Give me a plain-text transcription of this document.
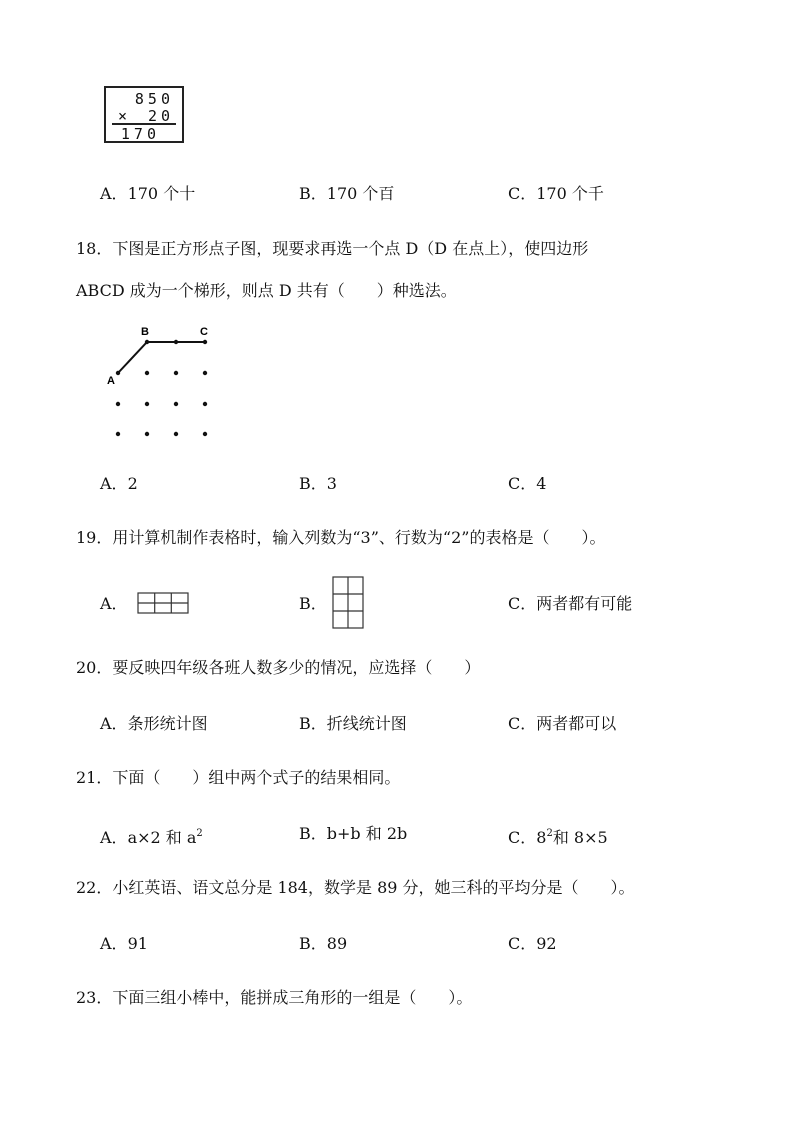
850
× 20
170
A．170 个十	B．170 个百	C．170 个千
18．下图是正方形点子图，现要求再选一个点 D（D 在点上），使四边形
ABCD 成为一个梯形，则点 D 共有（　　）种选法。
A
B	C
A．2	B．3	C．4
19．用计算机制作表格时，输入列数为“3”、行数为“2”的表格是（　　）。
A．	B．	C．两者都有可能
20．要反映四年级各班人数多少的情况，应选择（　　）
A．条形统计图	B．折线统计图	C．两者都可以
21．下面（　　）组中两个式子的结果相同。
A．a×2 和 $a^2$	B．b+b 和 2b	C．$8^2$和 8×5
22．小红英语、语文总分是 184，数学是 89 分，她三科的平均分是（　　）。
A．91	B．89	C．92
23．下面三组小棒中，能拼成三角形的一组是（　　）。
